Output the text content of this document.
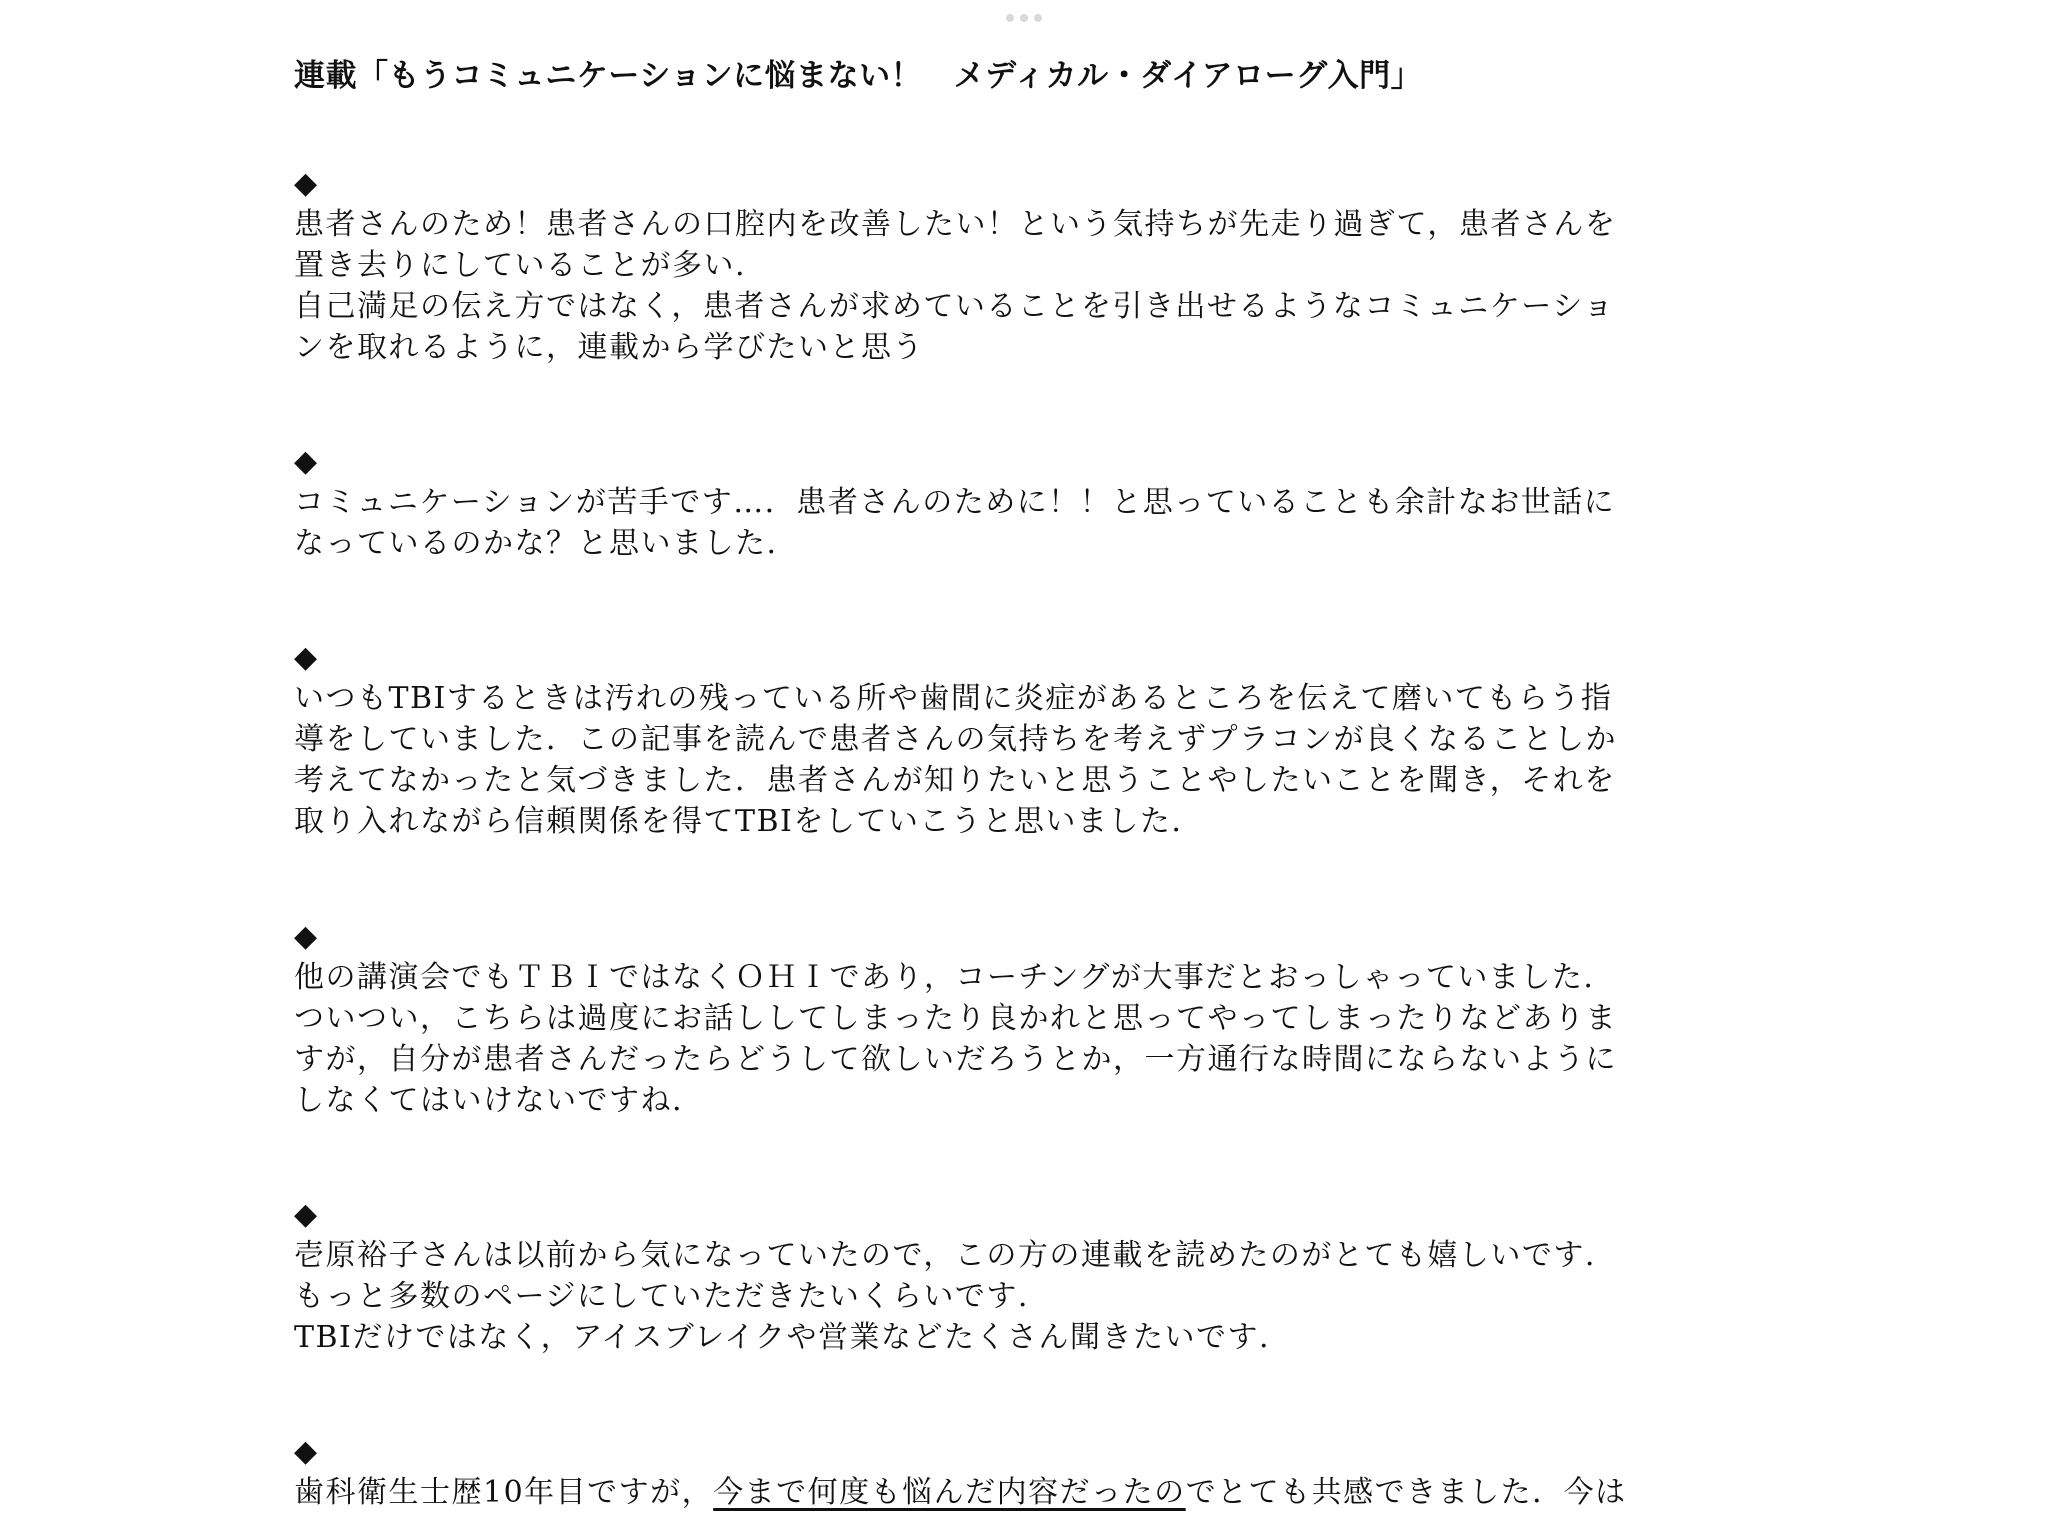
連載「もうコミュニケーションに悩まない！　メディカル・ダイアローグ入門」
◆

患者さんのため！患者さんの口腔内を改善したい！という気持ちが先走り過ぎて，患者さんを
置き去りにしていることが多い.
自己満足の伝え方ではなく，患者さんが求めていることを引き出せるようなコミュニケーショ
ンを取れるように，連載から学びたいと思う

◆

コミュニケーションが苦手です…．患者さんのために！！と思っていることも余計なお世話に
なっているのかな？と思いました.

◆

いつもTBIするときは汚れの残っている所や歯間に炎症があるところを伝えて磨いてもらう指
導をしていました．この記事を読んで患者さんの気持ちを考えずプラコンが良くなることしか
考えてなかったと気づきました．患者さんが知りたいと思うことやしたいことを聞き，それを
取り入れながら信頼関係を得てTBIをしていこうと思いました.

◆

他の講演会でもＴＢＩではなくＯＨＩであり，コーチングが大事だとおっしゃっていました.
ついつい，こちらは過度にお話ししてしまったり良かれと思ってやってしまったりなどありま
すが，自分が患者さんだったらどうして欲しいだろうとか，一方通行な時間にならないように
しなくてはいけないですね.

◆

壱原裕子さんは以前から気になっていたので，この方の連載を読めたのがとても嬉しいです.
もっと多数のページにしていただきたいくらいです.
TBIだけではなく，アイスブレイクや営業などたくさん聞きたいです.

◆

歯科衛生士歴10年目ですが，今まで何度も悩んだ内容だったのでとても共感できました．今は
